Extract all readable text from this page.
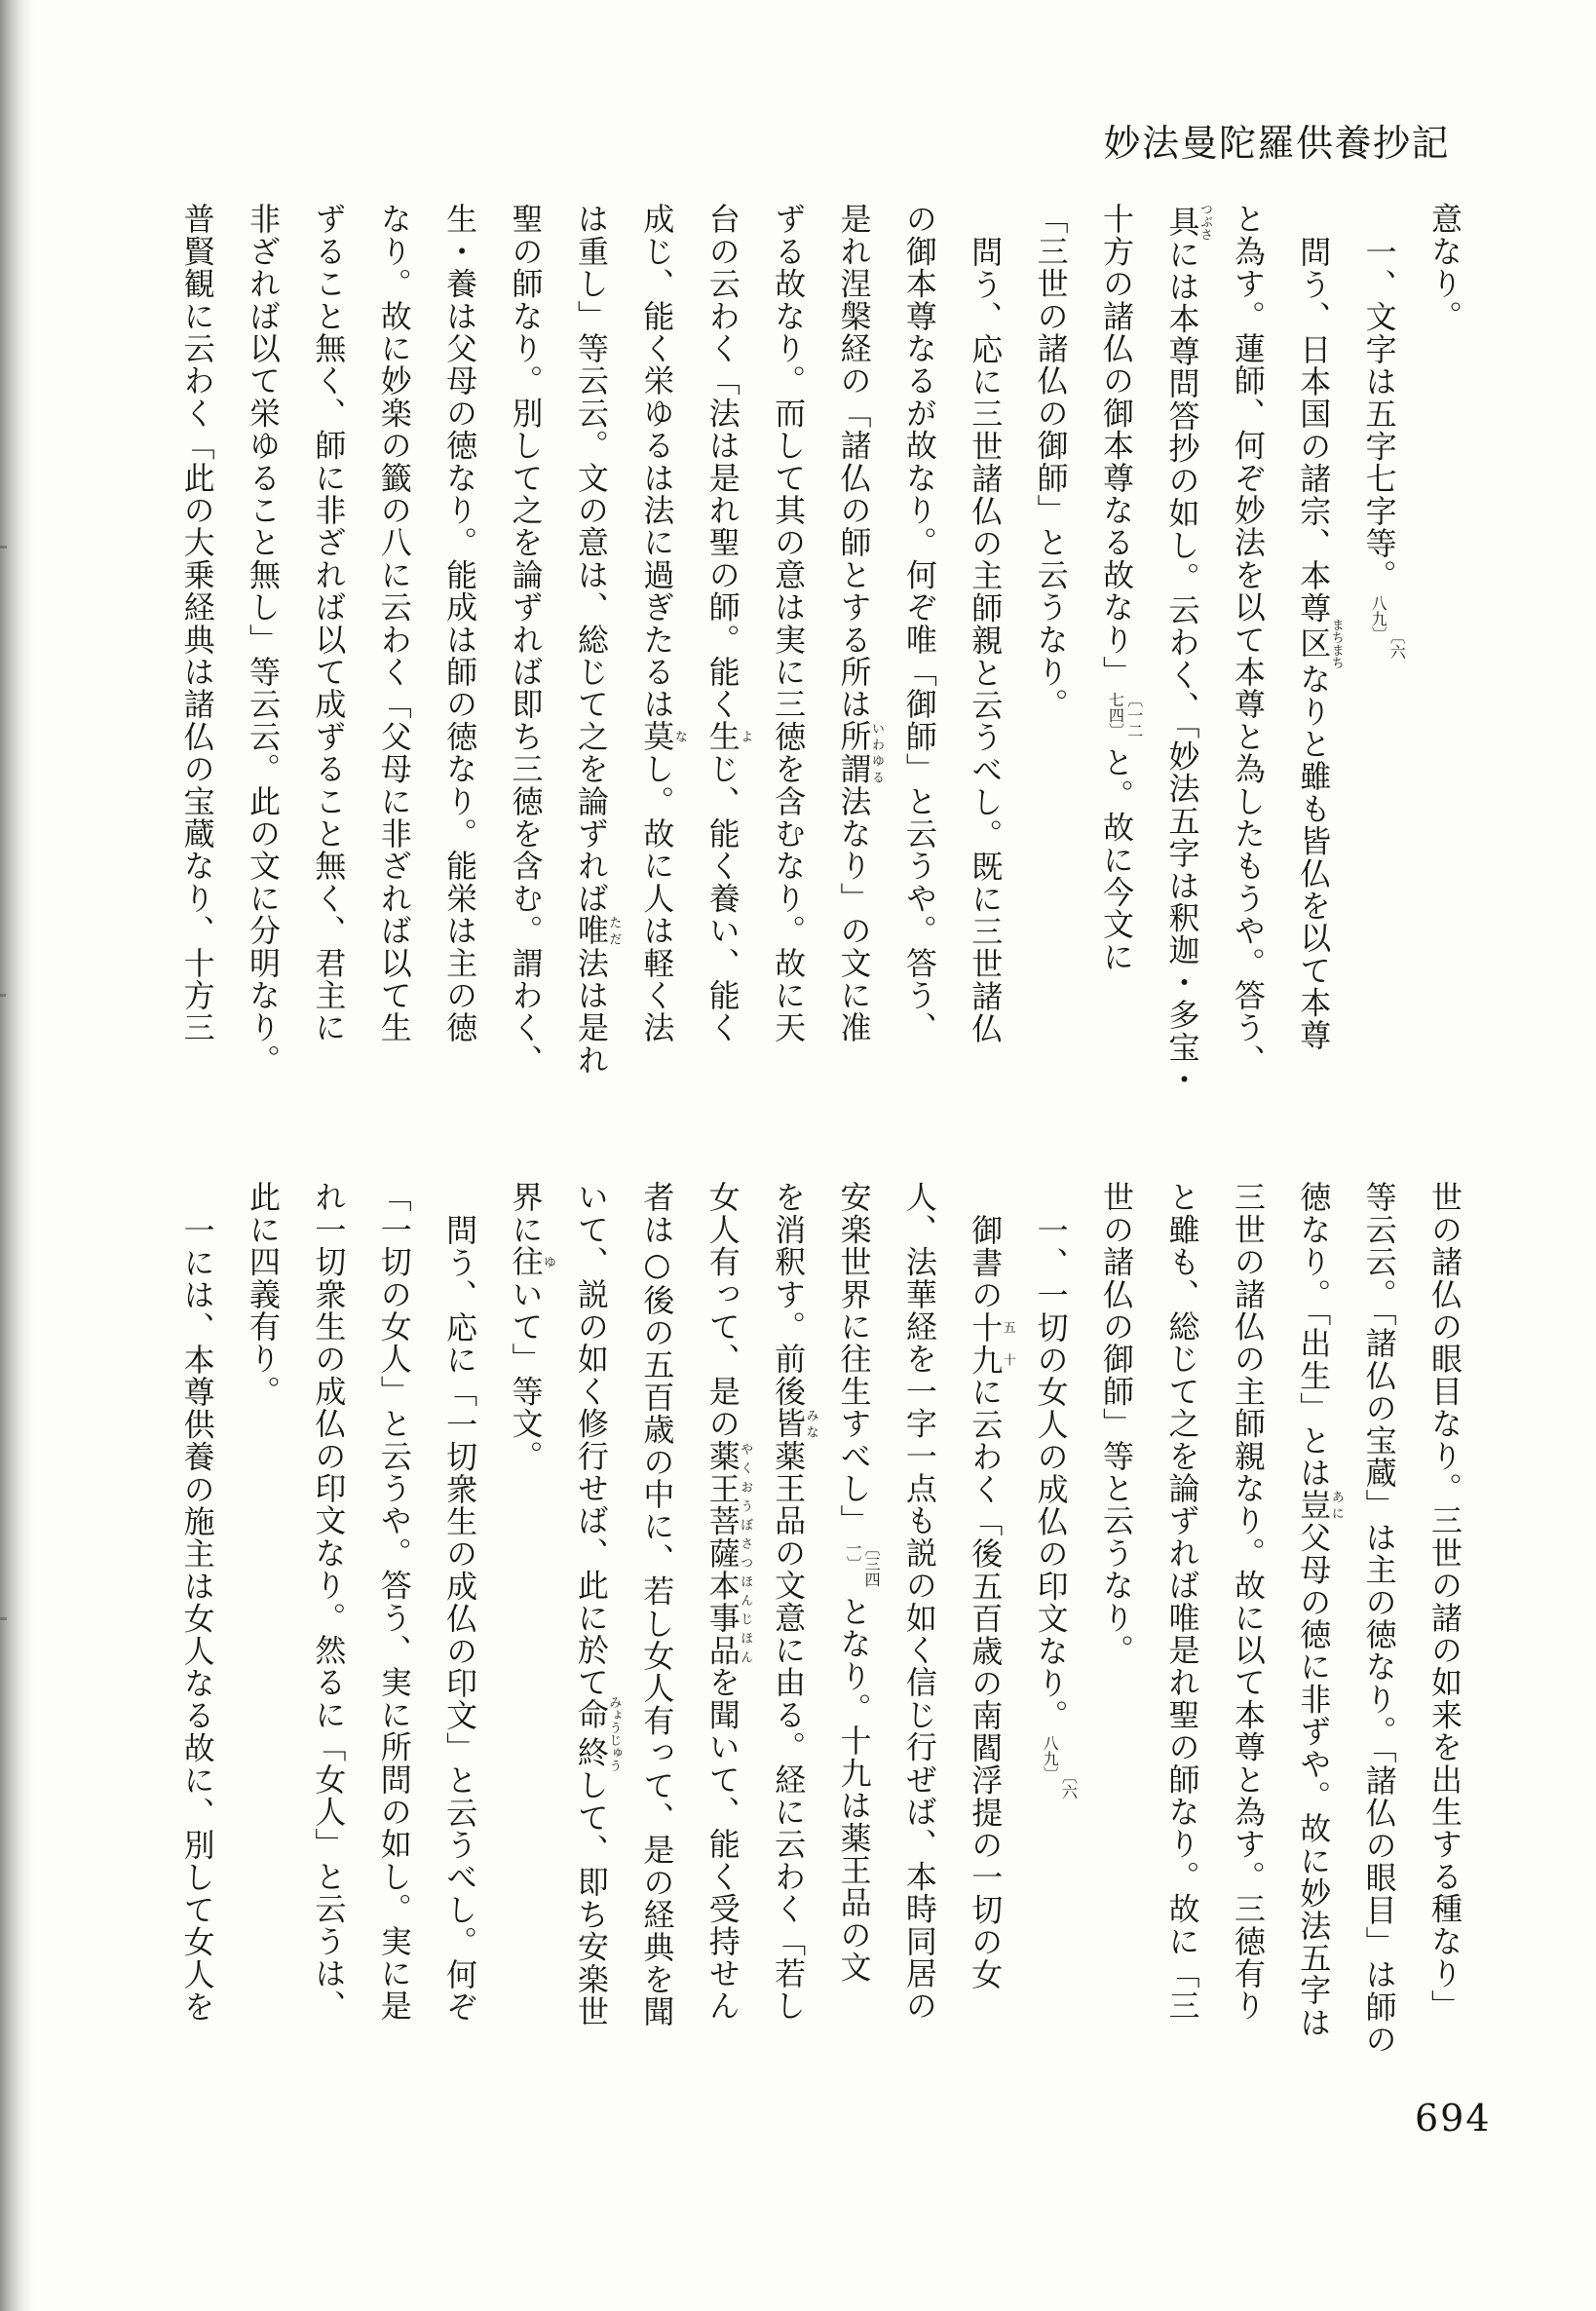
妙法曼陀羅供養抄記
意なり。
一、文字は五字七字等。〔六八九〕
問う、日本国の諸宗、本尊区まちまちなりと雖も皆仏を以て本尊
と為す。蓮師、何ぞ妙法を以て本尊と為したもうや。答う、
具つぶさには本尊問答抄の如し。云わく、「妙法五字は釈迦・多宝・
十方の諸仏の御本尊なる故なり」〔一二七四〕と。故に今文に
「三世の諸仏の御師」と云うなり。
問う、応に三世諸仏の主師親と云うべし。既に三世諸仏
の御本尊なるが故なり。何ぞ唯「御師」と云うや。答う、
是れ涅槃経の「諸仏の師とする所は所謂いわゆる法なり」の文に准
ずる故なり。而して其の意は実に三徳を含むなり。故に天
台の云わく「法は是れ聖の師。能く生よじ、能く養い、能く
成じ、能く栄ゆるは法に過ぎたるは莫なし。故に人は軽く法
は重し」等云云。文の意は、総じて之を論ずれば唯ただ法は是れ
聖の師なり。別して之を論ずれば即ち三徳を含む。謂わく、
生・養は父母の徳なり。能成は師の徳なり。能栄は主の徳
なり。故に妙楽の籤の八に云わく「父母に非ざれば以て生
ずること無く、師に非ざれば以て成ずること無く、君主に
非ざれば以て栄ゆること無し」等云云。此の文に分明なり。
普賢観に云わく「此の大乗経典は諸仏の宝蔵なり、十方三
世の諸仏の眼目なり。三世の諸の如来を出生する種なり」
等云云。「諸仏の宝蔵」は主の徳なり。「諸仏の眼目」は師の
徳なり。「出生」とは豈あに父母の徳に非ずや。故に妙法五字は
三世の諸仏の主師親なり。故に以て本尊と為す。三徳有り
と雖も、総じて之を論ずれば唯是れ聖の師なり。故に「三
世の諸仏の御師」等と云うなり。
一、一切の女人の成仏の印文なり。〔六八九〕
御書の十九五十に云わく「後五百歳の南閻浮提の一切の女
人、法華経を一字一点も説の如く信じ行ぜば、本時同居の
安楽世界に往生すべし」〔三四一〕となり。十九は薬王品の文
を消釈す。前後皆みな薬王品の文意に由る。経に云わく「若し
女人有って、是の薬王菩薩本事品やくおうぼさつほんじほんを聞いて、能く受持せん
者は○後の五百歳の中に、若し女人有って、是の経典を聞
いて、説の如く修行せば、此に於て命終みょうじゅうして、即ち安楽世
界に往ゆいて」等文。
問う、応に「一切衆生の成仏の印文」と云うべし。何ぞ
「一切の女人」と云うや。答う、実に所問の如し。実に是
れ一切衆生の成仏の印文なり。然るに「女人」と云うは、
此に四義有り。
一には、本尊供養の施主は女人なる故に、別して女人を
694
